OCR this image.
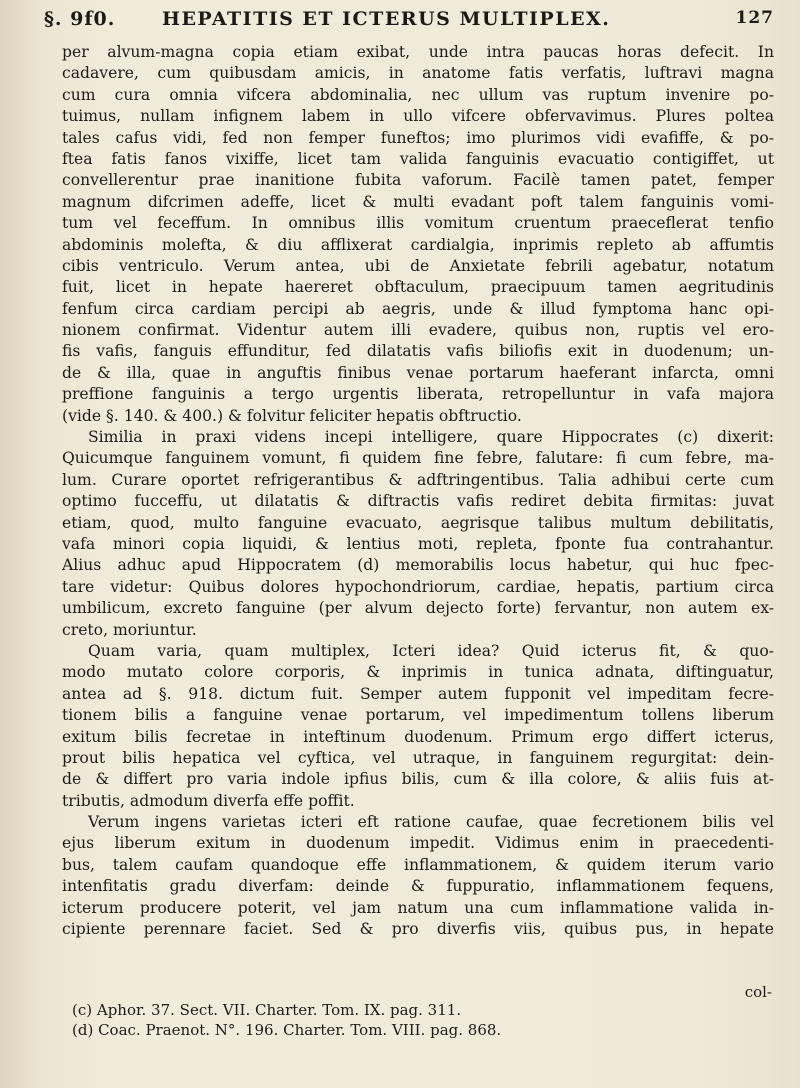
§. 9f0. HEPATITIS ET ICTERUS MULTIPLEX.	127
per alvum-magna copia etiam exibat, unde intra paucas horas defecit. In
cadavere, cum quibusdam amicis, in anatome fatis verfatis, luftravi magna
cum cura omnia vifcera abdominalia, nec ullum vas ruptum invenire po-
tuimus, nullam infignem labem in ullo vifcere obfervavimus. Plures poltea
tales cafus vidi, fed non femper funeftos; imo plurimos vidi evafiffe, & po-
ftea fatis fanos vixiffe, licet tam valida fanguinis evacuatio contigiffet, ut
convellerentur prae inanitione fubita vaforum. Facilè tamen patet, femper
magnum difcrimen adeffe, licet & multi evadant poft talem fanguinis vomi-
tum vel feceffum. In omnibus illis vomitum cruentum praeceflerat tenfio
abdominis molefta, & diu afflixerat cardialgia, inprimis repleto ab affumtis
cibis ventriculo. Verum antea, ubi de Anxietate febrili agebatur, notatum
fuit, licet in hepate haereret obftaculum, praecipuum tamen aegritudinis
fenfum circa cardiam percipi ab aegris, unde & illud fymptoma hanc opi-
nionem confirmat. Videntur autem illi evadere, quibus non, ruptis vel ero-
fis vafis, fanguis effunditur, fed dilatatis vafis biliofis exit in duodenum; un-
de & illa, quae in anguftis finibus venae portarum haeferant infarcta, omni
preffione fanguinis a tergo urgentis liberata, retropelluntur in vafa majora
(vide §. 140. & 400.) & folvitur feliciter hepatis obftructio.
Similia in praxi videns incepi intelligere, quare Hippocrates (c) dixerit:
Quicumque fanguinem vomunt, fi quidem fine febre, falutare: fi cum febre, ma-
lum. Curare oportet refrigerantibus & adftringentibus. Talia adhibui certe cum
optimo fucceffu, ut dilatatis & diftractis vafis rediret debita firmitas: juvat
etiam, quod, multo fanguine evacuato, aegrisque talibus multum debilitatis,
vafa minori copia liquidi, & lentius moti, repleta, fponte fua contrahantur.
Alius adhuc apud Hippocratem (d) memorabilis locus habetur, qui huc fpec-
tare videtur: Quibus dolores hypochondriorum, cardiae, hepatis, partium circa
umbilicum, excreto fanguine (per alvum dejecto forte) fervantur, non autem ex-
creto, moriuntur.
Quam varia, quam multiplex, Icteri idea? Quid icterus fit, & quo-
modo mutato colore corporis, & inprimis in tunica adnata, diftinguatur,
antea ad §. 918. dictum fuit. Semper autem fupponit vel impeditam fecre-
tionem bilis a fanguine venae portarum, vel impedimentum tollens liberum
exitum bilis fecretae in inteftinum duodenum. Primum ergo differt icterus,
prout bilis hepatica vel cyftica, vel utraque, in fanguinem regurgitat: dein-
de & differt pro varia indole ipfius bilis, cum & illa colore, & aliis fuis at-
tributis, admodum diverfa effe poffit.
Verum ingens varietas icteri eft ratione caufae, quae fecretionem bilis vel
ejus liberum exitum in duodenum impedit. Vidimus enim in praecedenti-
bus, talem caufam quandoque effe inflammationem, & quidem iterum vario
intenfitatis gradu diverfam: deinde & fuppuratio, inflammationem fequens,
icterum producere poterit, vel jam natum una cum inflammatione valida in-
cipiente perennare faciet. Sed & pro diverfis viis, quibus pus, in hepate
col-
(c) Aphor. 37. Sect. VII. Charter. Tom. IX. pag. 311.
(d) Coac. Praenot. N°. 196. Charter. Tom. VIII. pag. 868.
